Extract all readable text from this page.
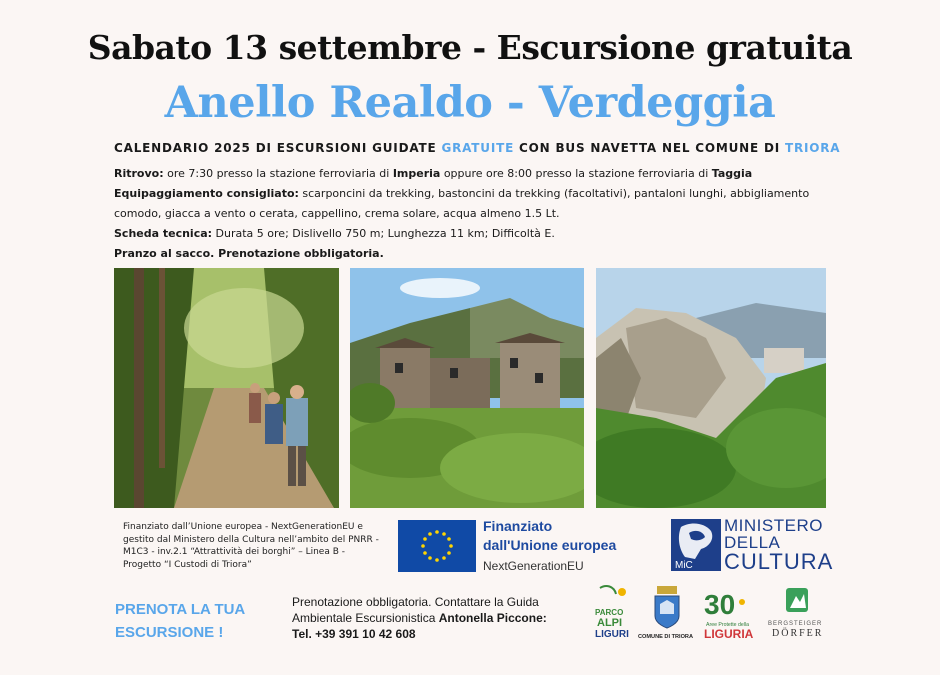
Sabato 13 settembre - Escursione gratuita
Anello Realdo - Verdeggia
CALENDARIO 2025 DI ESCURSIONI GUIDATE GRATUITE CON BUS NAVETTA NEL COMUNE DI TRIORA
Ritrovo: ore 7:30 presso la stazione ferroviaria di Imperia oppure ore 8:00 presso la stazione ferroviaria di Taggia
Equipaggiamento consigliato: scarponcini da trekking, bastoncini da trekking (facoltativi), pantaloni lunghi, abbigliamento comodo, giacca a vento o cerata, cappellino, crema solare, acqua almeno 1.5 Lt.
Scheda tecnica: Durata 5 ore; Dislivello 750 m; Lunghezza 11 km; Difficoltà E.
Pranzo al sacco. Prenotazione obbligatoria.
Finanziato dall’Unione europea - NextGenerationEU e gestito dal Ministero della Cultura nell’ambito del PNRR - M1C3 - inv.2.1 “Attrattività dei borghi” – Linea B - Progetto “I Custodi di Triora”
Finanziato
dall'Unione europea
NextGenerationEU	MiC
MINISTERO
DELLA
CULTURA
PRENOTA LA TUA
ESCURSIONE !
Prenotazione obbligatoria. Contattare la Guida Ambientale Escursionistica Antonella Piccone: Tel. +39 391 10 42 608
PARCO
ALPI
LIGURI COMUNE DI TRIORA
30
Aree Protette della
LIGURIA
BERGSTEIGER
DÖRFER
